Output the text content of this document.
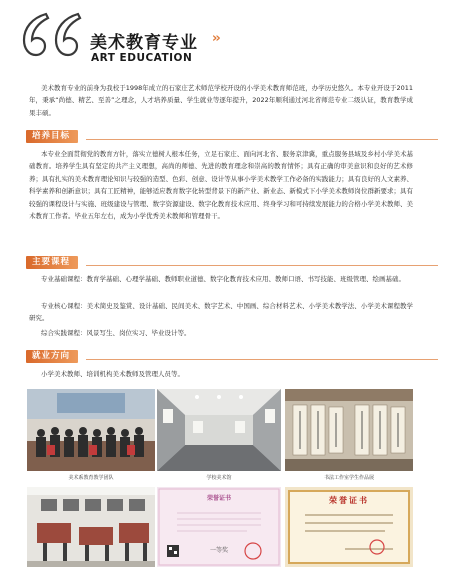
美术教育专业 ››
ART EDUCATION

美术教育专业的前身为我校于1998年成立的石家庄艺术师范学校开设的小学美术教育师范班，办学历史悠久。本专业开设于2011年，秉承“尚德、精艺、至善”之理念，人才培养质量、学生就业等逐年提升，2022年顺利通过河北省师范专业二级认证，教育教学成果丰硕。

培养目标

本专业全面贯彻党的教育方针，落实立德树人根本任务，立足石家庄、面向河北省、服务京津冀，重点服务县域及乡村小学美术基础教育。培养学生具有坚定的共产主义理想，高尚的师德、先进的教育理念和崇高的教育情怀；具有正确的审美意识和良好的艺术修养；具有扎实的美术教育理论知识与较强的造型、色彩、创意、设计等从事小学美术教学工作必备的实践能力；具有良好的人文素养、科学素养和创新意识；具有工匠精神，能够适应教育数字化转型背景下的新产业、新业态、新模式下小学美术教师岗位群新要求；具有较强的课程设计与实施、班级建设与管理、数字资源建设、数字化教育技术应用、终身学习和可持续发展能力的合格小学美术教师、美术教育工作者。毕业五年左右，成为小学优秀美术教师和管理骨干。

主要课程

专业基础课程：教育学基础、心理学基础、教师职业道德、数字化教育技术应用、教师口语、书写技能、班级管理、绘画基础。

专业核心课程：美术简史及鉴赏、设计基础、民间美术、数字艺术、中国画、综合材料艺术、小学美术教学法、小学美术课程教学研究。

综合实践课程：风景写生、岗位实习、毕业设计等。

就业方向

小学美术教师、培训机构美术教师及管理人员等。

美术系教育教学团队	学校美术馆	书法工作室学生作品展
荣誉证书
一等奖
荣誉证书
